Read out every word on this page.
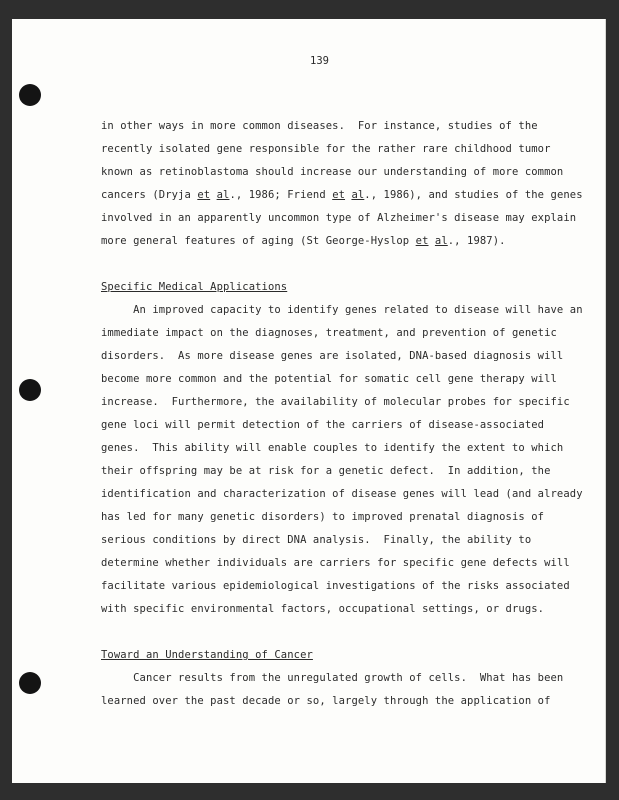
139
in other ways in more common diseases.  For instance, studies of the
recently isolated gene responsible for the rather rare childhood tumor
known as retinoblastoma should increase our understanding of more common
cancers (Dryja et al., 1986; Friend et al., 1986), and studies of the genes
involved in an apparently uncommon type of Alzheimer's disease may explain
more general features of aging (St George-Hyslop et al., 1987).
Specific Medical Applications
An improved capacity to identify genes related to disease will have an
immediate impact on the diagnoses, treatment, and prevention of genetic
disorders.  As more disease genes are isolated, DNA-based diagnosis will
become more common and the potential for somatic cell gene therapy will
increase.  Furthermore, the availability of molecular probes for specific
gene loci will permit detection of the carriers of disease-associated
genes.  This ability will enable couples to identify the extent to which
their offspring may be at risk for a genetic defect.  In addition, the
identification and characterization of disease genes will lead (and already
has led for many genetic disorders) to improved prenatal diagnosis of
serious conditions by direct DNA analysis.  Finally, the ability to
determine whether individuals are carriers for specific gene defects will
facilitate various epidemiological investigations of the risks associated
with specific environmental factors, occupational settings, or drugs.
Toward an Understanding of Cancer
Cancer results from the unregulated growth of cells.  What has been
learned over the past decade or so, largely through the application of
